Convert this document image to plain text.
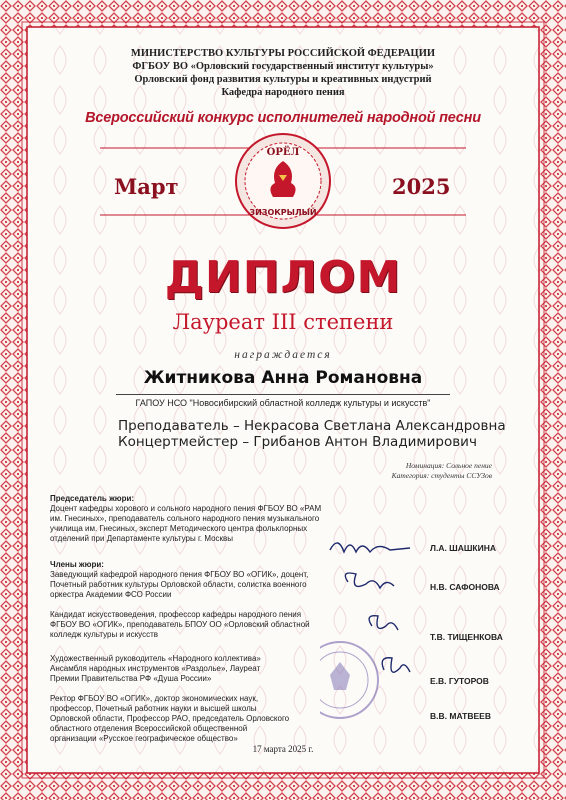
МИНИСТЕРСТВО КУЛЬТУРЫ РОССИЙСКОЙ ФЕДЕРАЦИИ
ФГБОУ ВО «Орловский государственный институт культуры»
Орловский фонд развития культуры и креативных индустрий
Кафедра народного пения
Всероссийский конкурс исполнителей народной песни
Март	2025
ОРЁЛ
ЗИЗОКРЫЛЫЙ
ДИПЛОМ
Лауреат III степени
награждается
Житникова Анна Романовна
ГАПОУ НСО "Новосибирский областной колледж культуры и искусств"
Преподаватель – Некрасова Светлана Александровна
Концертмейстер – Грибанов Антон Владимирович
Номинация: Сольное пение
Категория: студенты ССУЗов
Председатель жюри:
Доцент кафедры хорового и сольного народного пения ФГБОУ ВО «РАМ им. Гнесиных», преподаватель сольного народного пения музыкального училища им. Гнесиных, эксперт Методического центра фольклорных отделений при Департаменте культуры г. Москвы
Члены жюри:
Заведующий кафедрой народного пения ФГБОУ ВО «ОГИК», доцент, Почетный работник культуры Орловской области, солистка военного оркестра Академии ФСО России
Кандидат искусствоведения, профессор кафедры народного пения ФГБОУ ВО «ОГИК», преподаватель БПОУ ОО «Орловский областной колледж культуры и искусств
Художественный руководитель «Народного коллектива» Ансамбля народных инструментов «Раздолье», Лауреат Премии Правительства РФ «Душа России»
Ректор ФГБОУ ВО «ОГИК», доктор экономических наук, профессор, Почетный работник науки и высшей школы Орловской области, Профессор РАО, председатель Орловского областного отделения Всероссийской общественной организации «Русское географическое общество»
Л.А. ШАШКИНА
Н.В. САФОНОВА
Т.В. ТИЩЕНКОВА
Е.В. ГУТОРОВ
В.В. МАТВЕЕВ
17 марта 2025 г.
